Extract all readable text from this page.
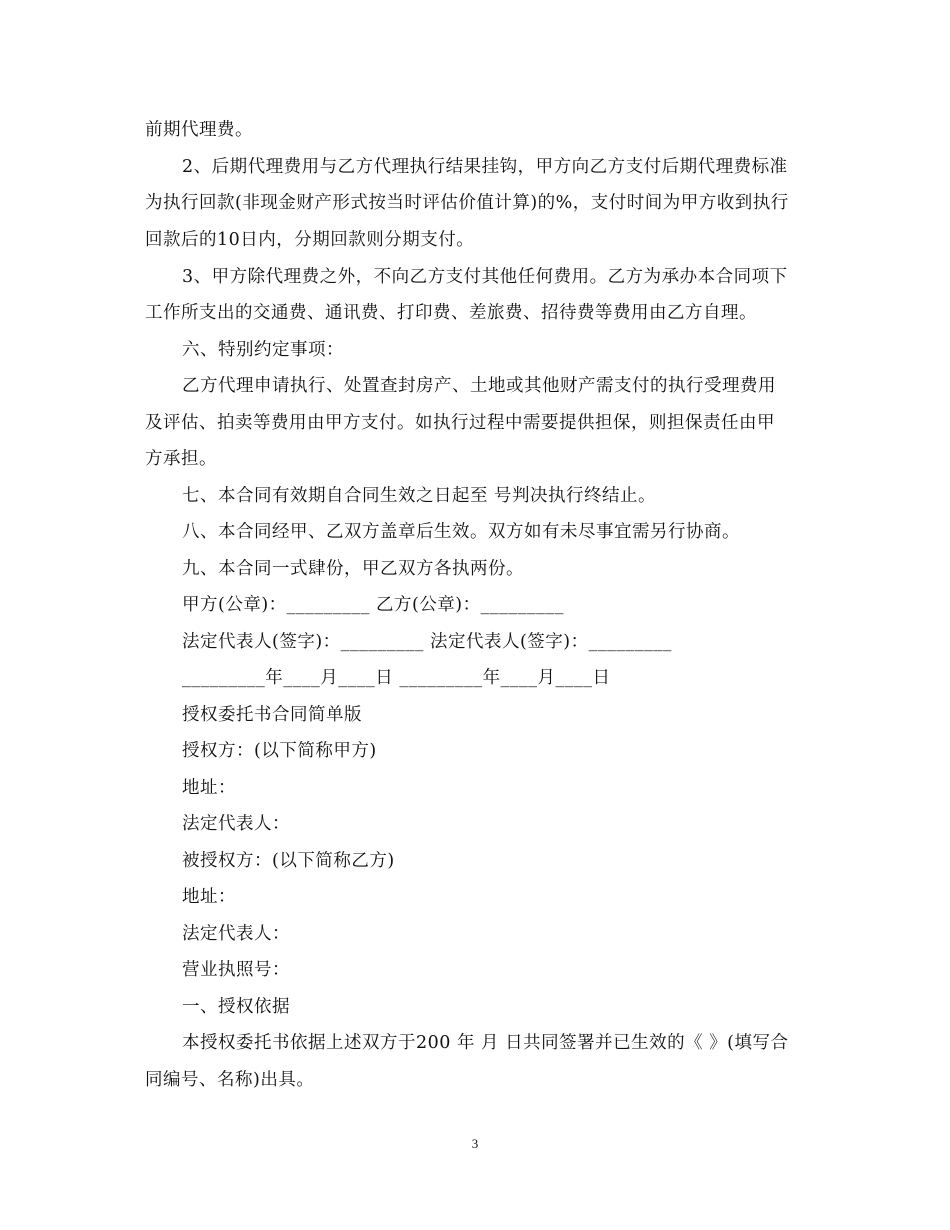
前期代理费。
2、后期代理费用与乙方代理执行结果挂钩，甲方向乙方支付后期代理费标准
为执行回款(非现金财产形式按当时评估价值计算)的%，支付时间为甲方收到执行
回款后的10日内，分期回款则分期支付。
3、甲方除代理费之外，不向乙方支付其他任何费用。乙方为承办本合同项下
工作所支出的交通费、通讯费、打印费、差旅费、招待费等费用由乙方自理。
六、特别约定事项：
乙方代理申请执行、处置查封房产、土地或其他财产需支付的执行受理费用
及评估、拍卖等费用由甲方支付。如执行过程中需要提供担保，则担保责任由甲
方承担。
七、本合同有效期自合同生效之日起至 号判决执行终结止。
八、本合同经甲、乙双方盖章后生效。双方如有未尽事宜需另行协商。
九、本合同一式肆份，甲乙双方各执两份。
甲方(公章)：_________ 乙方(公章)：_________
法定代表人(签字)：_________ 法定代表人(签字)：_________
_________年____月____日 _________年____月____日
授权委托书合同简单版
授权方：(以下简称甲方)
地址：
法定代表人：
被授权方：(以下简称乙方)
地址：
法定代表人：
营业执照号：
一、授权依据
本授权委托书依据上述双方于200 年 月 日共同签署并已生效的《 》(填写合
同编号、名称)出具。
3
